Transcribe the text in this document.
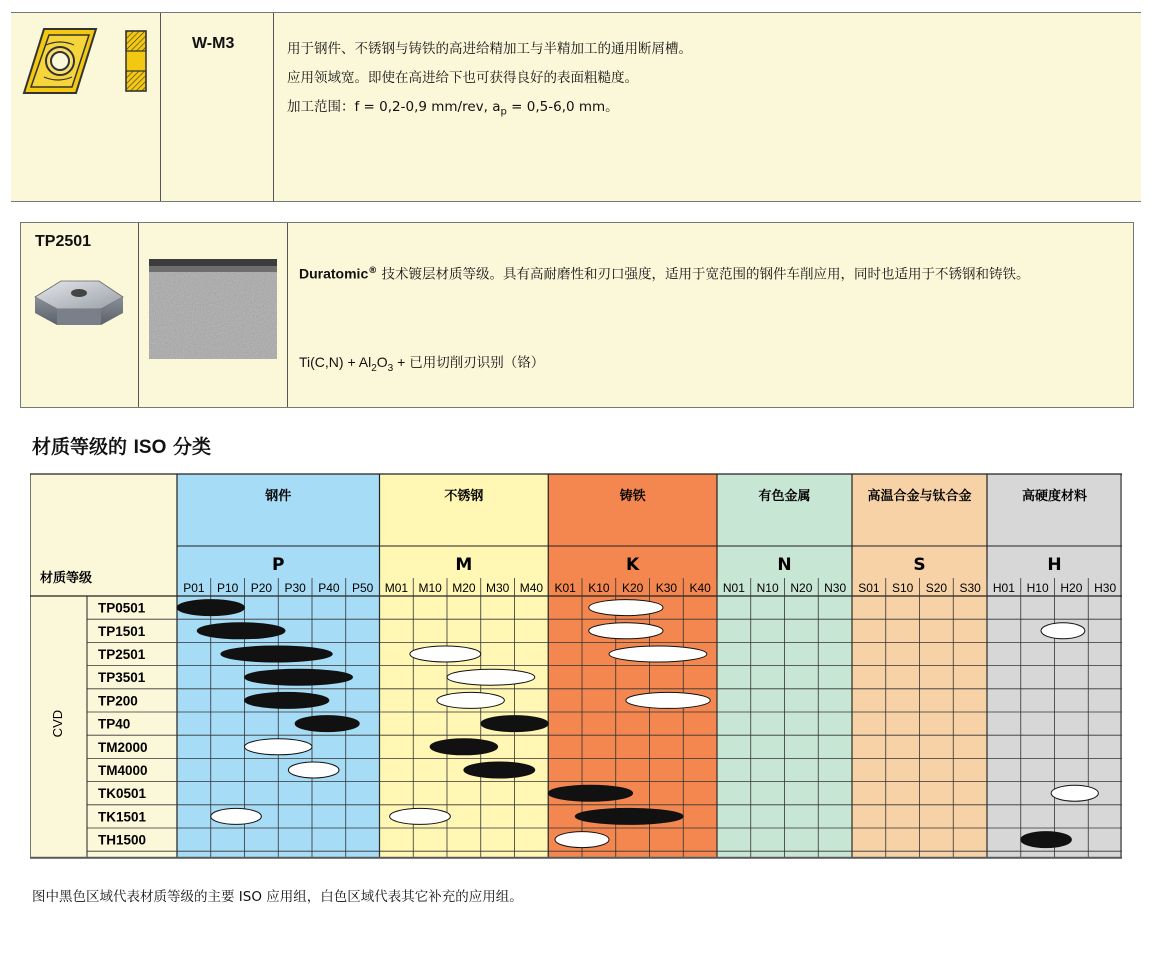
W-M3	用于钢件、不锈钢与铸铁的高进给精加工与半精加工的通用断屑槽。
应用领域宽。即使在高进给下也可获得良好的表面粗糙度。
加工范围：f = 0,2-0,9 mm/rev, $a_p = 0,5-6,0$ mm。
TP2501
Duratomic® 技术镀层材质等级。具有高耐磨性和刃口强度，适用于宽范围的钢件车削应用，同时也适用于不锈钢和铸铁。
$Ti(C,N) + Al_2O_3$ + 已用切削刃识别（铬）
材质等级的 ISO 分类
钢件
P
P01 P10 P20 P30 P40 P50
不锈钢
M
M01 M10 M20 M30 M40
铸铁
K
K01 K10 K20 K30 K40
有色金属
N
N01 N10 N20 N30
高温合金与钛合金
S
S01 S10 S20 S30
高硬度材料
H
H01 H10 H20 H30
材质等级
CVD
TP0501
TP1501
TP2501
TP3501
TP200
TP40
TM2000
TM4000
TK0501
TK1501
TH1500
图中黑色区域代表材质等级的主要 ISO 应用组，白色区域代表其它补充的应用组。
